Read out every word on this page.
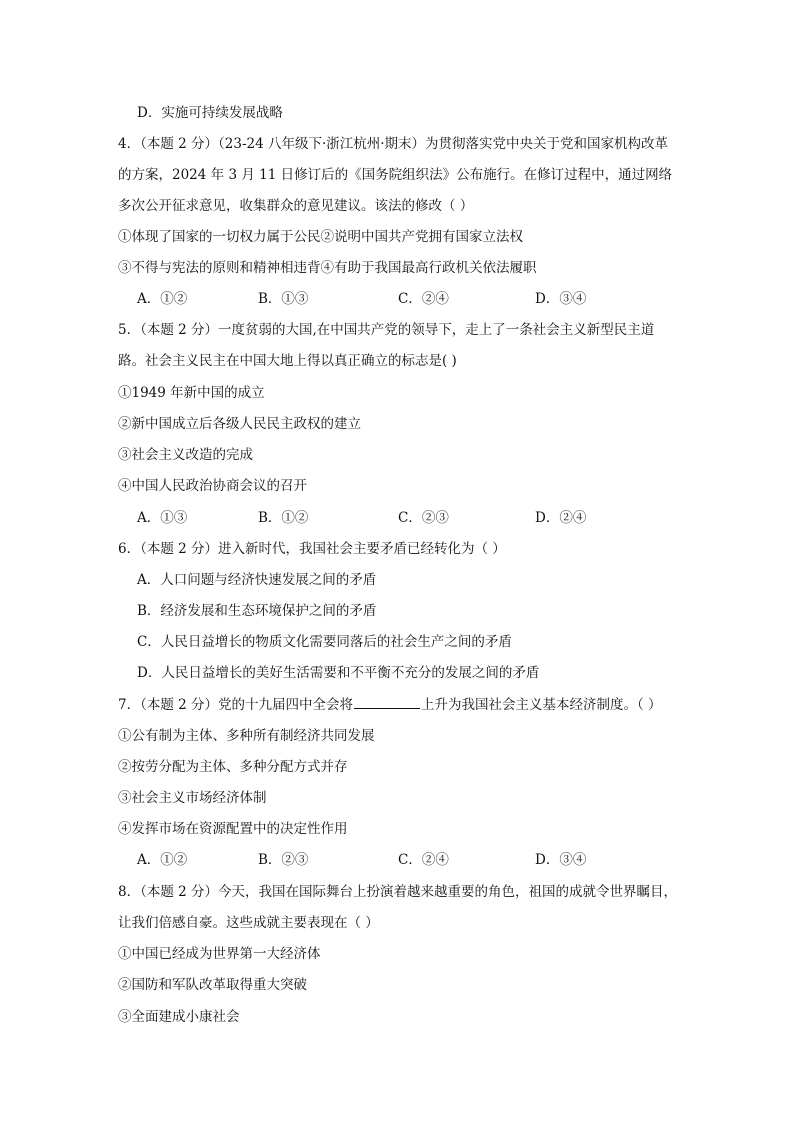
D．实施可持续发展战略
4．（本题 2 分）（23-24 八年级下·浙江杭州·期末）为贯彻落实党中央关于党和国家机构改革
的方案，2024 年 3 月 11 日修订后的《国务院组织法》公布施行。在修订过程中，通过网络
多次公开征求意见，收集群众的意见建议。该法的修改（ ）
①体现了国家的一切权力属于公民②说明中国共产党拥有国家立法权
③不得与宪法的原则和精神相违背④有助于我国最高行政机关依法履职
A．①②	B．①③	C．②④	D．③④
5．（本题 2 分）一度贫弱的大国,在中国共产党的领导下，走上了一条社会主义新型民主道
路。社会主义民主在中国大地上得以真正确立的标志是( )
①1949 年新中国的成立
②新中国成立后各级人民民主政权的建立
③社会主义改造的完成
④中国人民政治协商会议的召开
A．①③	B．①②	C．②③	D．②④
6．（本题 2 分）进入新时代，我国社会主要矛盾已经转化为（ ）
A．人口问题与经济快速发展之间的矛盾
B．经济发展和生态环境保护之间的矛盾
C．人民日益增长的物质文化需要同落后的社会生产之间的矛盾
D．人民日益增长的美好生活需要和不平衡不充分的发展之间的矛盾
7．（本题 2 分）党的十九届四中全会将	上升为我国社会主义基本经济制度。（ ）
①公有制为主体、多种所有制经济共同发展
②按劳分配为主体、多种分配方式并存
③社会主义市场经济体制
④发挥市场在资源配置中的决定性作用
A．①②	B．②③	C．②④	D．③④
8．（本题 2 分）今天，我国在国际舞台上扮演着越来越重要的角色，祖国的成就令世界瞩目，
让我们倍感自豪。这些成就主要表现在（ ）
①中国已经成为世界第一大经济体
②国防和军队改革取得重大突破
③全面建成小康社会
